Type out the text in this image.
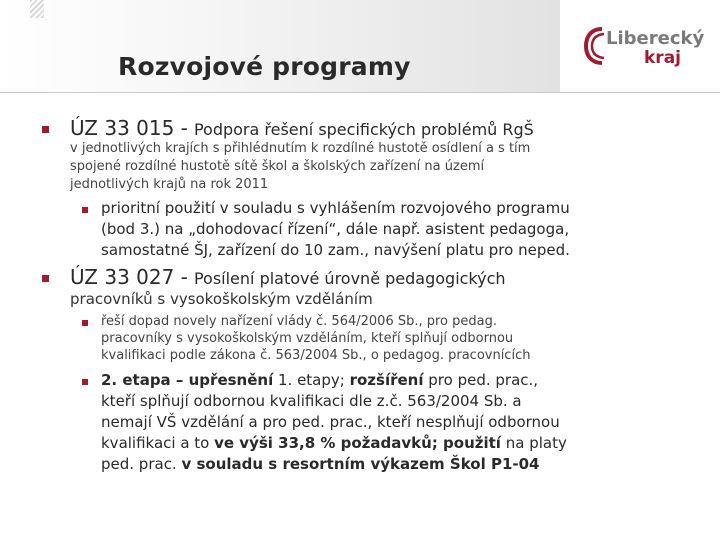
Rozvojové programy
Liberecký
kraj
ÚZ 33 015 - Podpora řešení specifických problémů RgŠ
v jednotlivých krajích s přihlédnutím k rozdílné hustotě osídlení a s tím
spojené rozdílné hustotě sítě škol a školských zařízení na území
jednotlivých krajů na rok 2011
prioritní použití v souladu s vyhlášením rozvojového programu
(bod 3.) na „dohodovací řízení“, dále např. asistent pedagoga,
samostatné ŠJ, zařízení do 10 zam., navýšení platu pro neped.
ÚZ 33 027 - Posílení platové úrovně pedagogických
pracovníků s vysokoškolským vzděláním
řeší dopad novely nařízení vlády č. 564/2006 Sb., pro pedag.
pracovníky s vysokoškolským vzděláním, kteří splňují odbornou
kvalifikaci podle zákona č. 563/2004 Sb., o pedagog. pracovnících
2. etapa – upřesnění 1. etapy; rozšíření pro ped. prac.,
kteří splňují odbornou kvalifikaci dle z.č. 563/2004 Sb. a
nemají VŠ vzdělání a pro ped. prac., kteří nesplňují odbornou
kvalifikaci a to ve výši 33,8 % požadavků; použití na platy
ped. prac. v souladu s resortním výkazem Škol P1-04
